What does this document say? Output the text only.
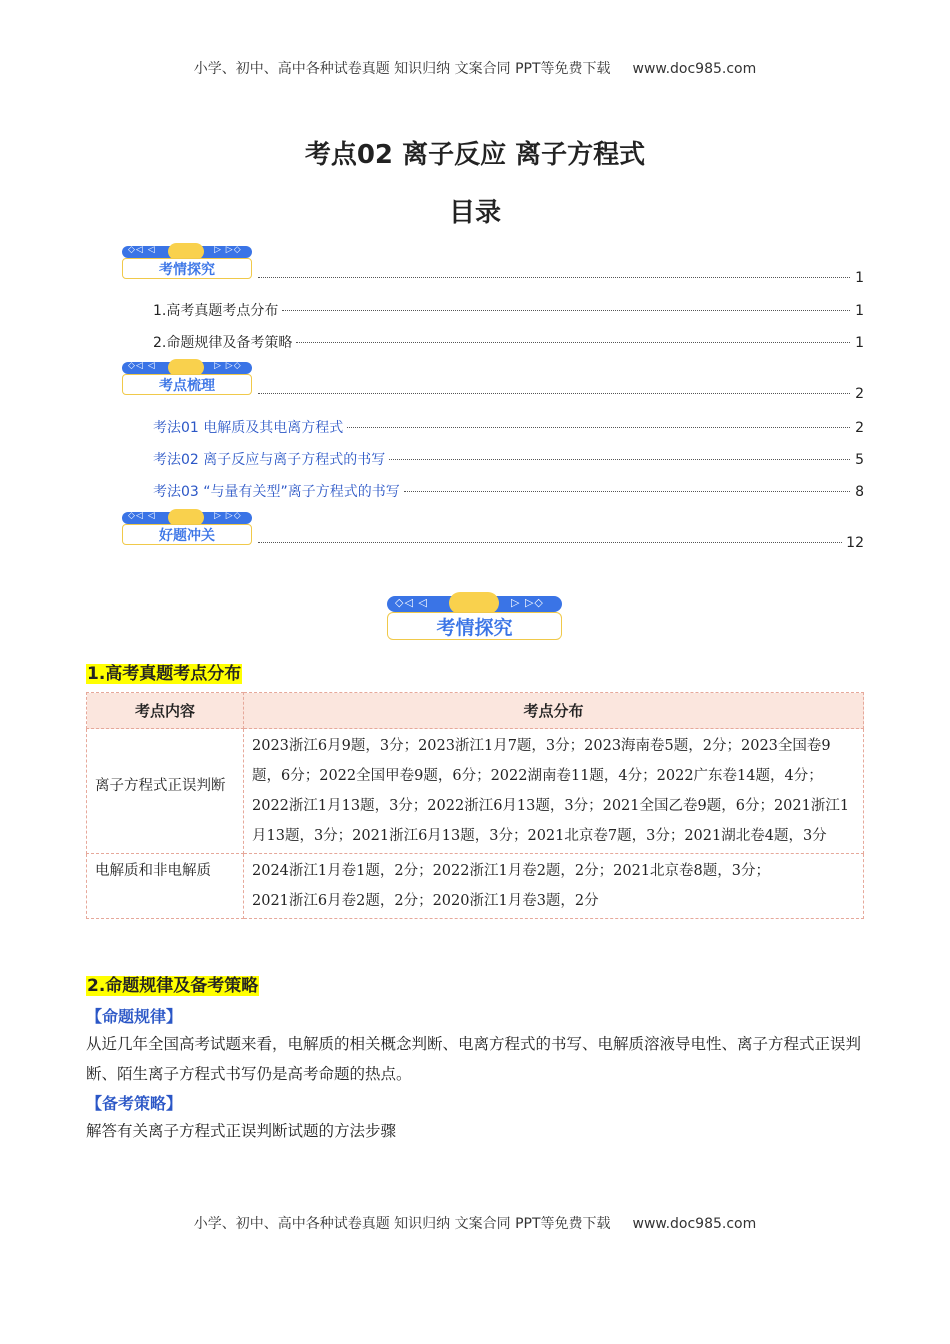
小学、初中、高中各种试卷真题 知识归纳 文案合同 PPT等免费下载 www.doc985.com
考点02 离子反应 离子方程式
目录
◇◁ ◁	▷ ▷◇
考情探究	1
1.高考真题考点分布	1
2.命题规律及备考策略	1
◇◁ ◁	▷ ▷◇
考点梳理	2
考法01 电解质及其电离方程式	2
考法02 离子反应与离子方程式的书写	5
考法03 “与量有关型”离子方程式的书写	8
◇◁ ◁	▷ ▷◇
好题冲关	12
◇◁ ◁	▷ ▷◇
考情探究
1.高考真题考点分布
考点内容	考点分布
离子方程式正误判断	2023浙江6月9题，3分；2023浙江1月7题，3分；2023海南卷5题，2分；2023全国卷9题，6分；2022全国甲卷9题，6分；2022湖南卷11题，4分；2022广东卷14题，4分；2022浙江1月13题，3分；2022浙江6月13题，3分；2021全国乙卷9题，6分；2021浙江1月13题，3分；2021浙江6月13题，3分；2021北京卷7题，3分；2021湖北卷4题，3分
电解质和非电解质	2024浙江1月卷1题，2分；2022浙江1月卷2题，2分；2021北京卷8题，3分；
2021浙江6月卷2题，2分；2020浙江1月卷3题，2分
2.命题规律及备考策略
【命题规律】
从近几年全国高考试题来看，电解质的相关概念判断、电离方程式的书写、电解质溶液导电性、离子方程式正误判断、陌生离子方程式书写仍是高考命题的热点。
【备考策略】
解答有关离子方程式正误判断试题的方法步骤
小学、初中、高中各种试卷真题 知识归纳 文案合同 PPT等免费下载 www.doc985.com
